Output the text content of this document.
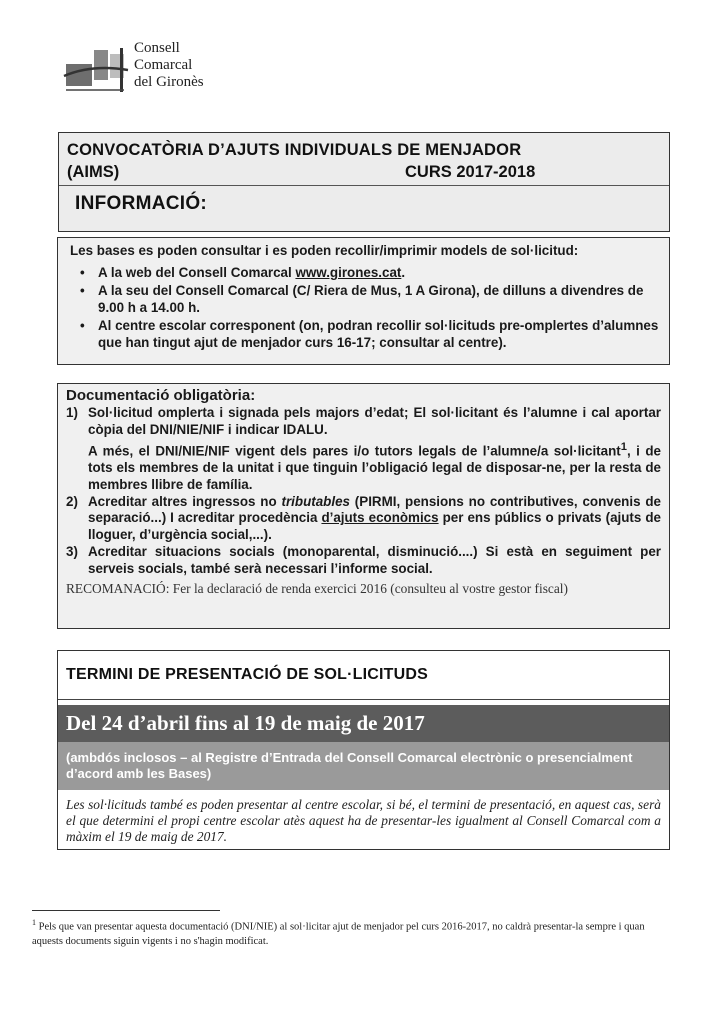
Consell
Comarcal
del Gironès
CONVOCATÒRIA D’AJUTS INDIVIDUALS DE MENJADOR
(AIMS)	CURS 2017-2018
INFORMACIÓ:
Les bases es poden consultar i es poden recollir/imprimir models de sol·licitud:
• A la web del Consell Comarcal www.girones.cat.
• A la seu del Consell Comarcal (C/ Riera de Mus, 1 A Girona), de dilluns a divendres de 9.00 h a 14.00 h.
• Al centre escolar corresponent (on, podran recollir sol·licituds pre-omplertes d’alumnes que han tingut ajut de menjador curs 16-17; consultar al centre).
Documentació obligatòria:
1) Sol·licitud omplerta i signada pels majors d’edat; El sol·licitant és l’alumne i cal aportar còpia del DNI/NIE/NIF i indicar IDALU.
A més, el DNI/NIE/NIF vigent dels pares i/o tutors legals de l’alumne/a sol·licitant$^1$, i de tots els membres de la unitat i que tinguin l’obligació legal de disposar-ne, per la resta de membres llibre de família.
2) Acreditar altres ingressos no tributables (PIRMI, pensions no contributives, convenis de separació...) I acreditar procedència d’ajuts econòmics per ens públics o privats (ajuts de lloguer, d’urgència social,...).
3) Acreditar situacions socials (monoparental, disminució....) Si està en seguiment per serveis socials, també serà necessari l’informe social.
RECOMANACIÓ: Fer la declaració de renda exercici 2016 (consulteu al vostre gestor fiscal)
TERMINI DE PRESENTACIÓ DE SOL·LICITUDS
Del 24 d’abril fins al 19 de maig de 2017
(ambdós inclosos – al Registre d’Entrada del Consell Comarcal electrònic o presencialment d’acord amb les Bases)
Les sol·licituds també es poden presentar al centre escolar, si bé, el termini de presentació, en aquest cas, serà el que determini el propi centre escolar atès aquest ha de presentar-les igualment al Consell Comarcal com a màxim el 19 de maig de 2017.
$^1$ Pels que van presentar aquesta documentació (DNI/NIE) al sol·licitar ajut de menjador pel curs 2016-2017, no caldrà presentar-la sempre i quan aquests documents siguin vigents i no s'hagin modificat.
